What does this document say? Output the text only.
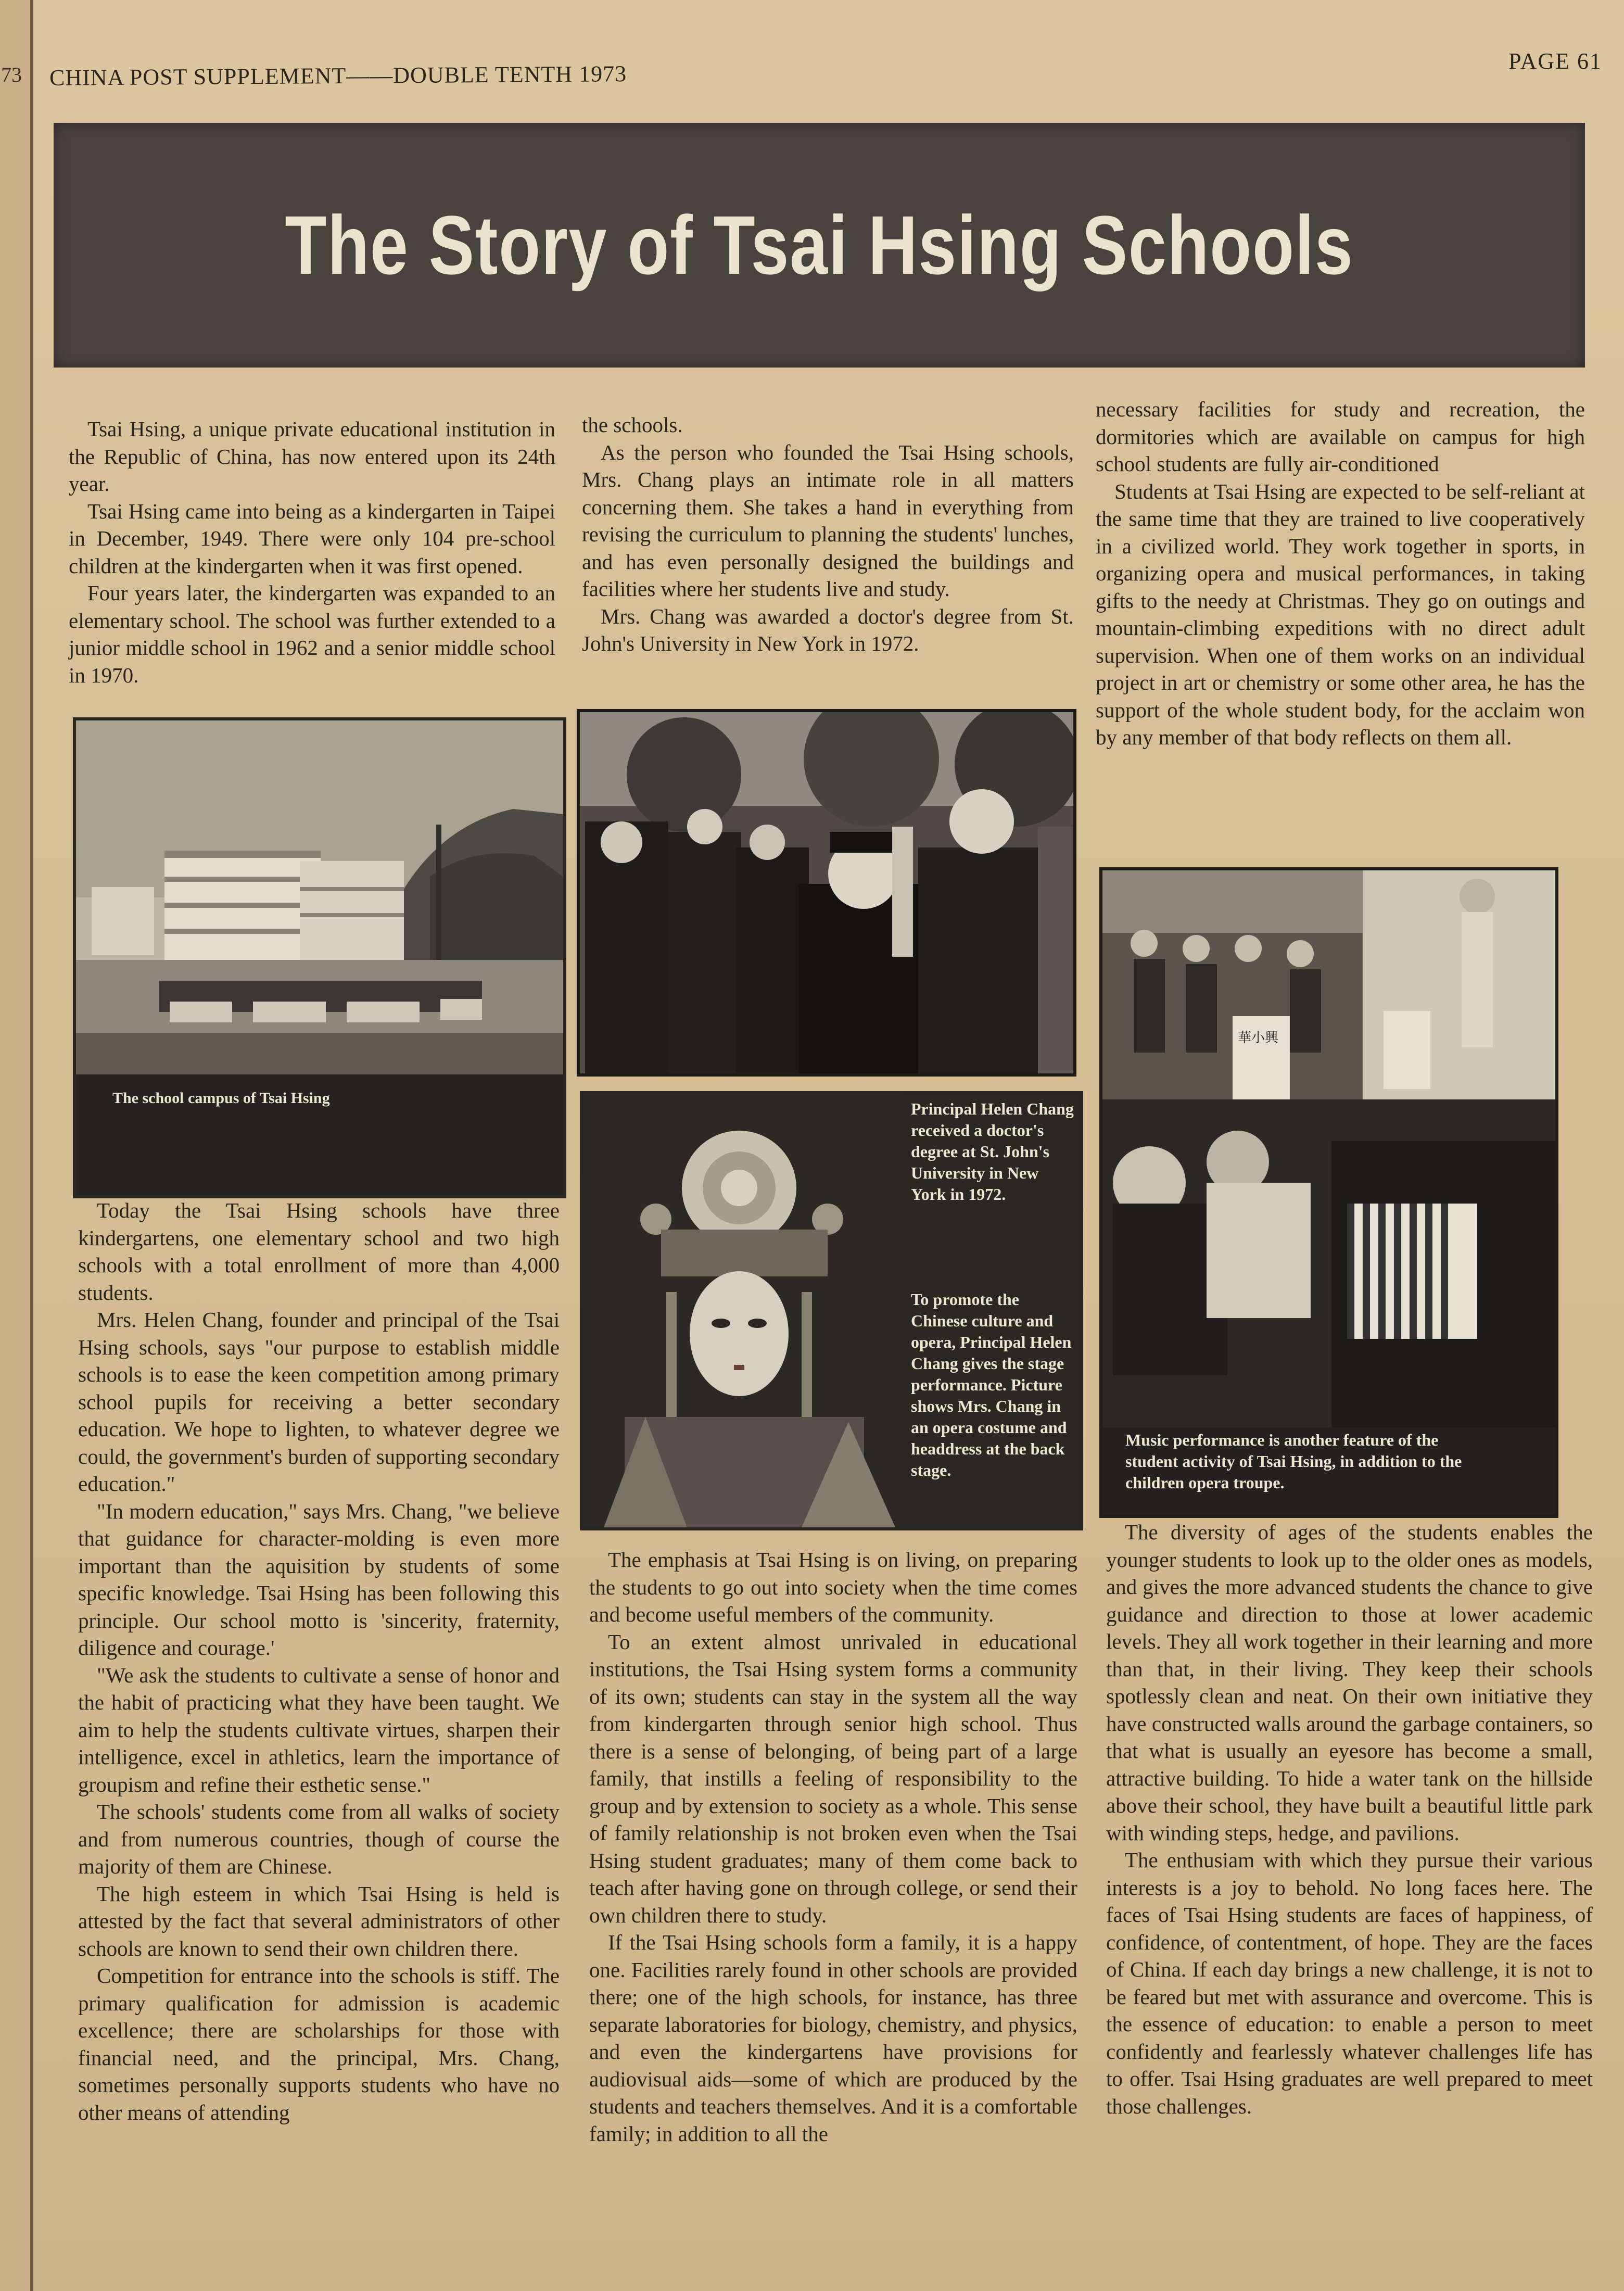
73 CHINA POST SUPPLEMENT——DOUBLE TENTH 1973	PAGE 61
The Story of Tsai Hsing Schools

Tsai Hsing, a unique private educational institution in the Republic of China, has now entered upon its 24th year.

Tsai Hsing came into being as a kindergarten in Taipei in December, 1949. There were only 104 pre-school children at the kindergarten when it was first opened.

Four years later, the kindergarten was expanded to an elementary school. The school was further extended to a junior middle school in 1962 and a senior middle school in 1970.

the schools.

As the person who founded the Tsai Hsing schools, Mrs. Chang plays an intimate role in all matters concerning them. She takes a hand in everything from revising the curriculum to planning the students' lunches, and has even personally designed the buildings and facilities where her students live and study.

Mrs. Chang was awarded a doctor's degree from St. John's University in New York in 1972.

necessary facilities for study and recreation, the dormitories which are available on campus for high school students are fully air-conditioned

Students at Tsai Hsing are expected to be self-reliant at the same time that they are trained to live cooperatively in a civilized world. They work together in sports, in organizing opera and musical performances, in taking gifts to the needy at Christmas. They go on outings and mountain-climbing expeditions with no direct adult supervision. When one of them works on an individual project in art or chemistry or some other area, he has the support of the whole student body, for the acclaim won by any member of that body reflects on them all.

The school campus of Tsai Hsing
Principal Helen Chang received a doctor's degree at St. John's University in New York in 1972.
To promote the Chinese culture and opera, Principal Helen Chang gives the stage performance. Picture shows Mrs. Chang in an opera costume and headdress at the back stage.
華小興
Music performance is another feature of the student activity of Tsai Hsing, in addition to the children opera troupe.

Today the Tsai Hsing schools have three kindergartens, one elementary school and two high schools with a total enrollment of more than 4,000 students.

Mrs. Helen Chang, founder and principal of the Tsai Hsing schools, says "our purpose to establish middle schools is to ease the keen competition among primary school pupils for receiving a better secondary education. We hope to lighten, to whatever degree we could, the government's burden of supporting secondary education."

"In modern education," says Mrs. Chang, "we believe that guidance for character-molding is even more important than the aquisition by students of some specific knowledge. Tsai Hsing has been following this principle. Our school motto is 'sincerity, fraternity, diligence and courage.'

"We ask the students to cultivate a sense of honor and the habit of practicing what they have been taught. We aim to help the students cultivate virtues, sharpen their intelligence, excel in athletics, learn the importance of groupism and refine their esthetic sense."

The schools' students come from all walks of society and from numerous countries, though of course the majority of them are Chinese.

The high esteem in which Tsai Hsing is held is attested by the fact that several administrators of other schools are known to send their own children there.

Competition for entrance into the schools is stiff. The primary qualification for admission is academic excellence; there are scholarships for those with financial need, and the principal, Mrs. Chang, sometimes personally supports students who have no other means of attending

The emphasis at Tsai Hsing is on living, on preparing the students to go out into society when the time comes and become useful members of the community.

To an extent almost unrivaled in educational institutions, the Tsai Hsing system forms a community of its own; students can stay in the system all the way from kindergarten through senior high school. Thus there is a sense of belonging, of being part of a large family, that instills a feeling of responsibility to the group and by extension to society as a whole. This sense of family relationship is not broken even when the Tsai Hsing student graduates; many of them come back to teach after having gone on through college, or send their own children there to study.

If the Tsai Hsing schools form a family, it is a happy one. Facilities rarely found in other schools are provided there; one of the high schools, for instance, has three separate laboratories for biology, chemistry, and physics, and even the kindergartens have provisions for audiovisual aids—some of which are produced by the students and teachers themselves. And it is a comfortable family; in addition to all the

The diversity of ages of the students enables the younger students to look up to the older ones as models, and gives the more advanced students the chance to give guidance and direction to those at lower academic levels. They all work together in their learning and more than that, in their living. They keep their schools spotlessly clean and neat. On their own initiative they have constructed walls around the garbage containers, so that what is usually an eyesore has become a small, attractive building. To hide a water tank on the hillside above their school, they have built a beautiful little park with winding steps, hedge, and pavilions.

The enthusiam with which they pursue their various interests is a joy to behold. No long faces here. The faces of Tsai Hsing students are faces of happiness, of confidence, of contentment, of hope. They are the faces of China. If each day brings a new challenge, it is not to be feared but met with assurance and overcome. This is the essence of education: to enable a person to meet confidently and fearlessly whatever challenges life has to offer. Tsai Hsing graduates are well prepared to meet those challenges.
